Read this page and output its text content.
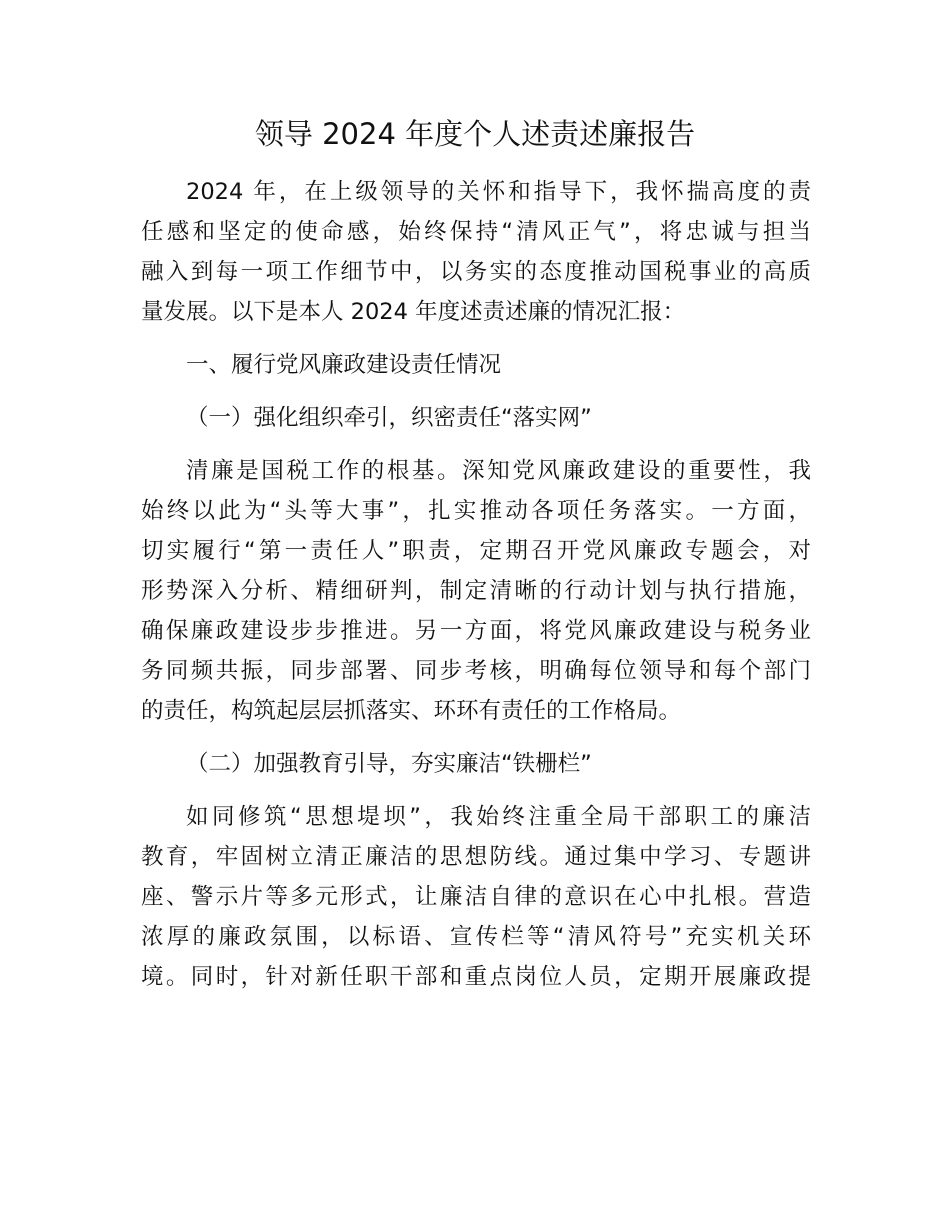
领导 2024 年度个人述责述廉报告
2024 年，在上级领导的关怀和指导下，我怀揣高度的责
任感和坚定的使命感，始终保持“清风正气”，将忠诚与担当
融入到每一项工作细节中，以务实的态度推动国税事业的高质
量发展。以下是本人 2024 年度述责述廉的情况汇报：
一、履行党风廉政建设责任情况
（一）强化组织牵引，织密责任“落实网”
清廉是国税工作的根基。深知党风廉政建设的重要性，我
始终以此为“头等大事”，扎实推动各项任务落实。一方面，
切实履行“第一责任人”职责，定期召开党风廉政专题会，对
形势深入分析、精细研判，制定清晰的行动计划与执行措施，
确保廉政建设步步推进。另一方面，将党风廉政建设与税务业
务同频共振，同步部署、同步考核，明确每位领导和每个部门
的责任，构筑起层层抓落实、环环有责任的工作格局。
（二）加强教育引导，夯实廉洁“铁栅栏”
如同修筑“思想堤坝”，我始终注重全局干部职工的廉洁
教育，牢固树立清正廉洁的思想防线。通过集中学习、专题讲
座、警示片等多元形式，让廉洁自律的意识在心中扎根。营造
浓厚的廉政氛围，以标语、宣传栏等“清风符号”充实机关环
境。同时，针对新任职干部和重点岗位人员，定期开展廉政提
